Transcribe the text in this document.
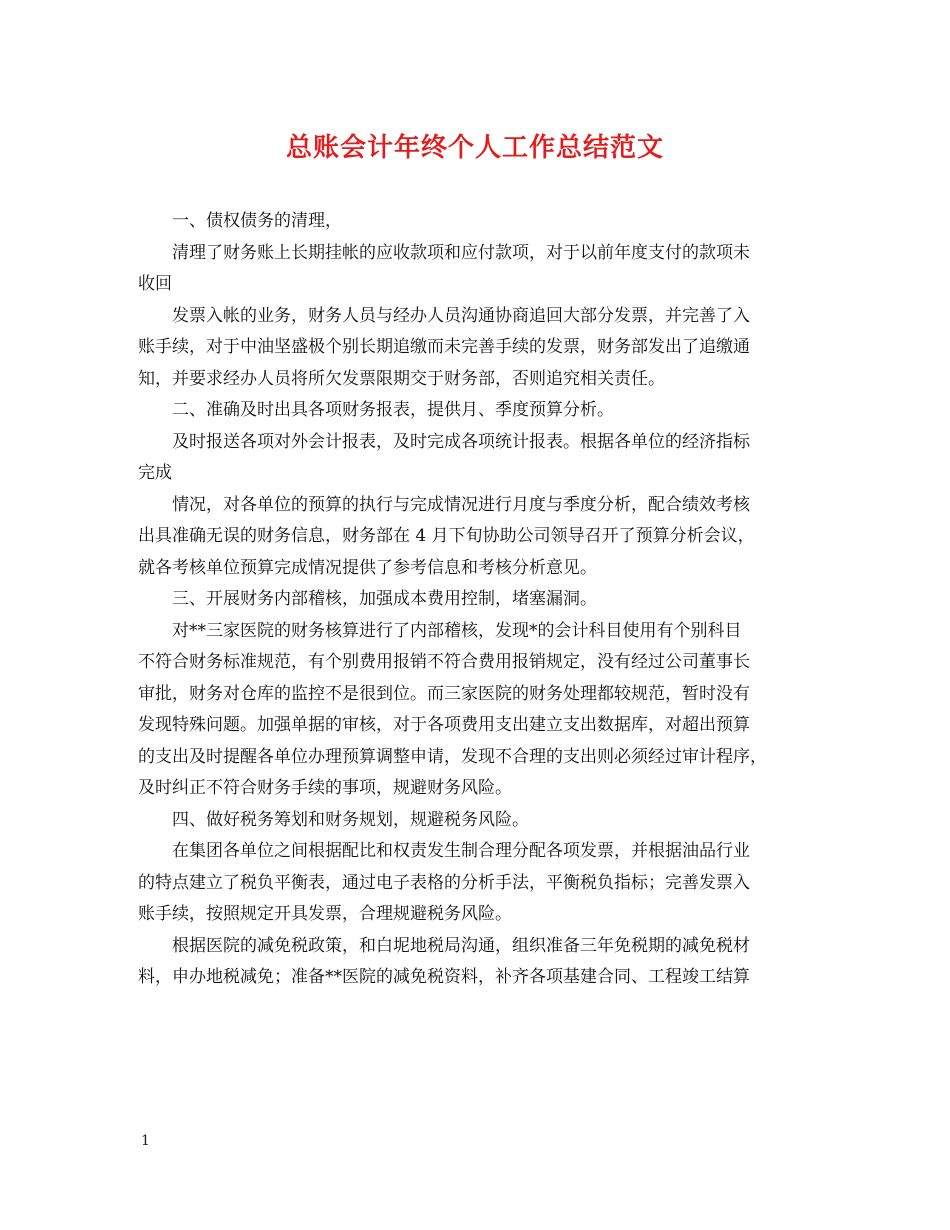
总账会计年终个人工作总结范文
一、债权债务的清理，
清理了财务账上长期挂帐的应收款项和应付款项，对于以前年度支付的款项未
收回
发票入帐的业务，财务人员与经办人员沟通协商追回大部分发票，并完善了入
账手续，对于中油坚盛极个别长期追缴而未完善手续的发票，财务部发出了追缴通
知，并要求经办人员将所欠发票限期交于财务部，否则追究相关责任。
二、准确及时出具各项财务报表，提供月、季度预算分析。
及时报送各项对外会计报表，及时完成各项统计报表。根据各单位的经济指标
完成
情况，对各单位的预算的执行与完成情况进行月度与季度分析，配合绩效考核
出具准确无误的财务信息，财务部在 4 月下旬协助公司领导召开了预算分析会议，
就各考核单位预算完成情况提供了参考信息和考核分析意见。
三、开展财务内部稽核，加强成本费用控制，堵塞漏洞。
对**三家医院的财务核算进行了内部稽核，发现*的会计科目使用有个别科目
不符合财务标准规范，有个别费用报销不符合费用报销规定，没有经过公司董事长
审批，财务对仓库的监控不是很到位。而三家医院的财务处理都较规范，暂时没有
发现特殊问题。加强单据的审核，对于各项费用支出建立支出数据库，对超出预算
的支出及时提醒各单位办理预算调整申请，发现不合理的支出则必须经过审计程序，
及时纠正不符合财务手续的事项，规避财务风险。
四、做好税务筹划和财务规划，规避税务风险。
在集团各单位之间根据配比和权责发生制合理分配各项发票，并根据油品行业
的特点建立了税负平衡表，通过电子表格的分析手法，平衡税负指标；完善发票入
账手续，按照规定开具发票，合理规避税务风险。
根据医院的减免税政策，和白坭地税局沟通，组织准备三年免税期的减免税材
料，申办地税减免；准备**医院的减免税资料，补齐各项基建合同、工程竣工结算
1
